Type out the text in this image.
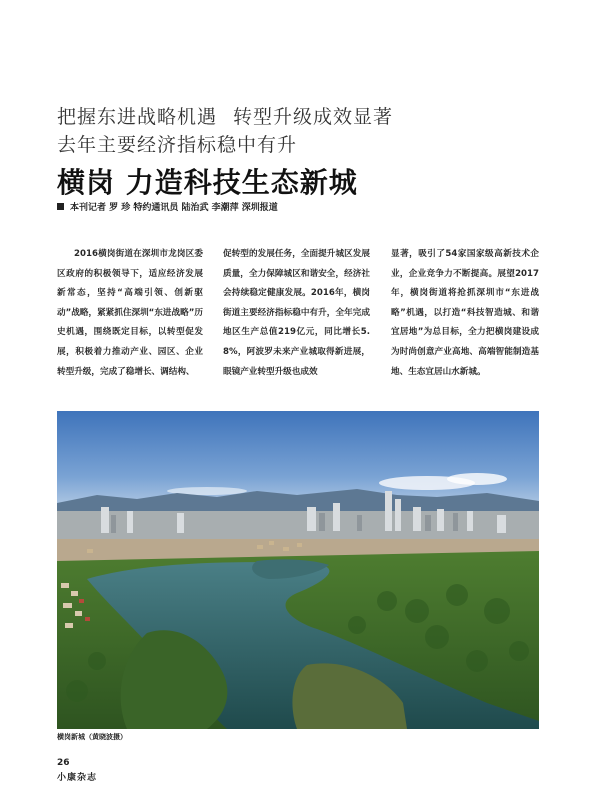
把握东进战略机遇 转型升级成效显著
去年主要经济指标稳中有升
横岗 力造科技生态新城
本刊记者 罗 珍 特约通讯员 陆治武 李潮萍 深圳报道
2016横岗街道在深圳市龙岗区委区政府的积极领导下，适应经济发展新常态，坚持“高端引领、创新驱动”战略，紧紧抓住深圳“东进战略”历史机遇，围绕既定目标，以转型促发展，积极着力推动产业、园区、企业转型升级，完成了稳增长、调结构、
促转型的发展任务，全面提升城区发展质量，全力保障城区和谐安全，经济社会持续稳定健康发展。2016年，横岗街道主要经济指标稳中有升，全年完成地区生产总值219亿元，同比增长5.8%，阿波罗未来产业城取得新进展，眼镜产业转型升级也成效
显著，吸引了54家国家级高新技术企业，企业竞争力不断提高。展望2017年，横岗街道将抢抓深圳市“东进战略”机遇，以打造“科技智造城、和谐宜居地”为总目标，全力把横岗建设成为时尚创意产业高地、高端智能制造基地、生态宜居山水新城。
横岗新城（黄晓波摄）
26
小康杂志
